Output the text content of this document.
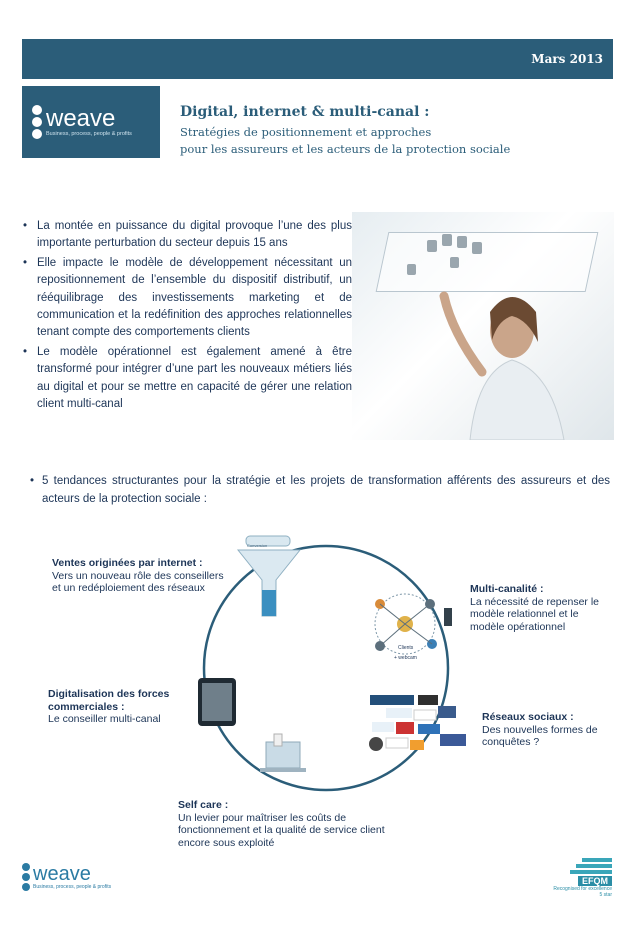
Mars 2013
weave
Business, process, people & profits
Digital, internet & multi-canal :
Stratégies de positionnement et approches
pour les assureurs et les acteurs de la protection sociale
• La montée en puissance du digital provoque l’une des plus importante perturbation du secteur depuis 15 ans
• Elle impacte le modèle de développement nécessitant un repositionnement de l’ensemble du dispositif distributif, un rééquilibrage des investissements marketing et de communication et la redéfinition des approches relationnelles tenant compte des comportements clients
• Le modèle opérationnel est également amené à être transformé pour intégrer d’une part les nouveaux métiers liés au digital et pour se mettre en capacité de gérer une relation client multi-canal
• 5 tendances structurantes pour la stratégie et les projets de transformation afférents des assureurs et des acteurs de la protection sociale :
Conversion
Clients
+ webcam
Ventes originées par internet :
Vers un nouveau rôle des conseillers et un redéploiement des réseaux	Multi-canalité :
La nécessité de repenser le modèle relationnel et le modèle opérationnel
Digitalisation des forces commerciales :
Le conseiller multi-canal	Réseaux sociaux :
Des nouvelles formes de conquêtes ?
Self care :
Un levier pour maîtriser les coûts de fonctionnement et la qualité de service client encore sous exploité
weave
Business, process, people & profits
EFQM
Recognised for excellence
5 star
